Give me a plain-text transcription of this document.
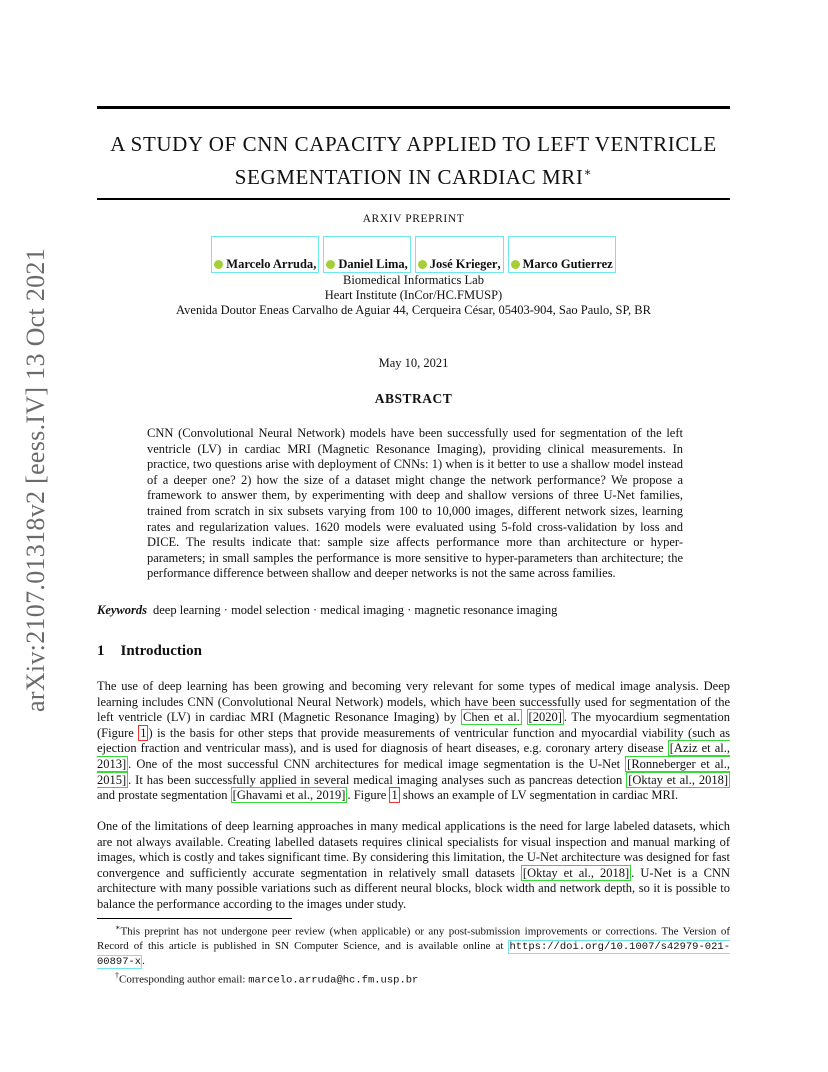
arXiv:2107.01318v2 [eess.IV] 13 Oct 2021
A STUDY OF CNN CAPACITY APPLIED TO LEFT VENTRICLE
SEGMENTATION IN CARDIAC MRI∗
ARXIV PREPRINT
Marcelo Arruda , Daniel Lima , José Krieger , Marco Gutierrez
Biomedical Informatics Lab
Heart Institute (InCor/HC.FMUSP)
Avenida Doutor Eneas Carvalho de Aguiar 44, Cerqueira César, 05403-904, Sao Paulo, SP, BR
May 10, 2021
ABSTRACT
CNN (Convolutional Neural Network) models have been successfully used for segmentation of the left ventricle (LV) in cardiac MRI (Magnetic Resonance Imaging), providing clinical measurements. In practice, two questions arise with deployment of CNNs: 1) when is it better to use a shallow model instead of a deeper one? 2) how the size of a dataset might change the network performance? We propose a framework to answer them, by experimenting with deep and shallow versions of three U-Net families, trained from scratch in six subsets varying from 100 to 10,000 images, different network sizes, learning rates and regularization values. 1620 models were evaluated using 5-fold cross-validation by loss and DICE. The results indicate that: sample size affects performance more than architecture or hyper-parameters; in small samples the performance is more sensitive to hyper-parameters than architecture; the performance difference between shallow and deeper networks is not the same across families.
Keywords deep learning · model selection · medical imaging · magnetic resonance imaging
1 Introduction
The use of deep learning has been growing and becoming very relevant for some types of medical image analysis. Deep learning includes CNN (Convolutional Neural Network) models, which have been successfully used for segmentation of the left ventricle (LV) in cardiac MRI (Magnetic Resonance Imaging) by Chen et al. [2020] . The myocardium segmentation (Figure 1 ) is the basis for other steps that provide measurements of ventricular function and myocardial viability (such as ejection fraction and ventricular mass), and is used for diagnosis of heart diseases, e.g. coronary artery disease [Aziz et al., 2013] . One of the most successful CNN architectures for medical image segmentation is the U-Net [Ronneberger et al., 2015] . It has been successfully applied in several medical imaging analyses such as pancreas detection [Oktay et al., 2018] and prostate segmentation [Ghavami et al., 2019] . Figure 1 shows an example of LV segmentation in cardiac MRI.
One of the limitations of deep learning approaches in many medical applications is the need for large labeled datasets, which are not always available. Creating labelled datasets requires clinical specialists for visual inspection and manual marking of images, which is costly and takes significant time. By considering this limitation, the U-Net architecture was designed for fast convergence and sufficiently accurate segmentation in relatively small datasets [Oktay et al., 2018] . U-Net is a CNN architecture with many possible variations such as different neural blocks, block width and network depth, so it is possible to balance the performance according to the images under study.
∗This preprint has not undergone peer review (when applicable) or any post-submission improvements or corrections. The Version of Record of this article is published in SN Computer Science, and is available online at https://doi.org/10.1007/s42979-021-00897-x.
†Corresponding author email: marcelo.arruda@hc.fm.usp.br
